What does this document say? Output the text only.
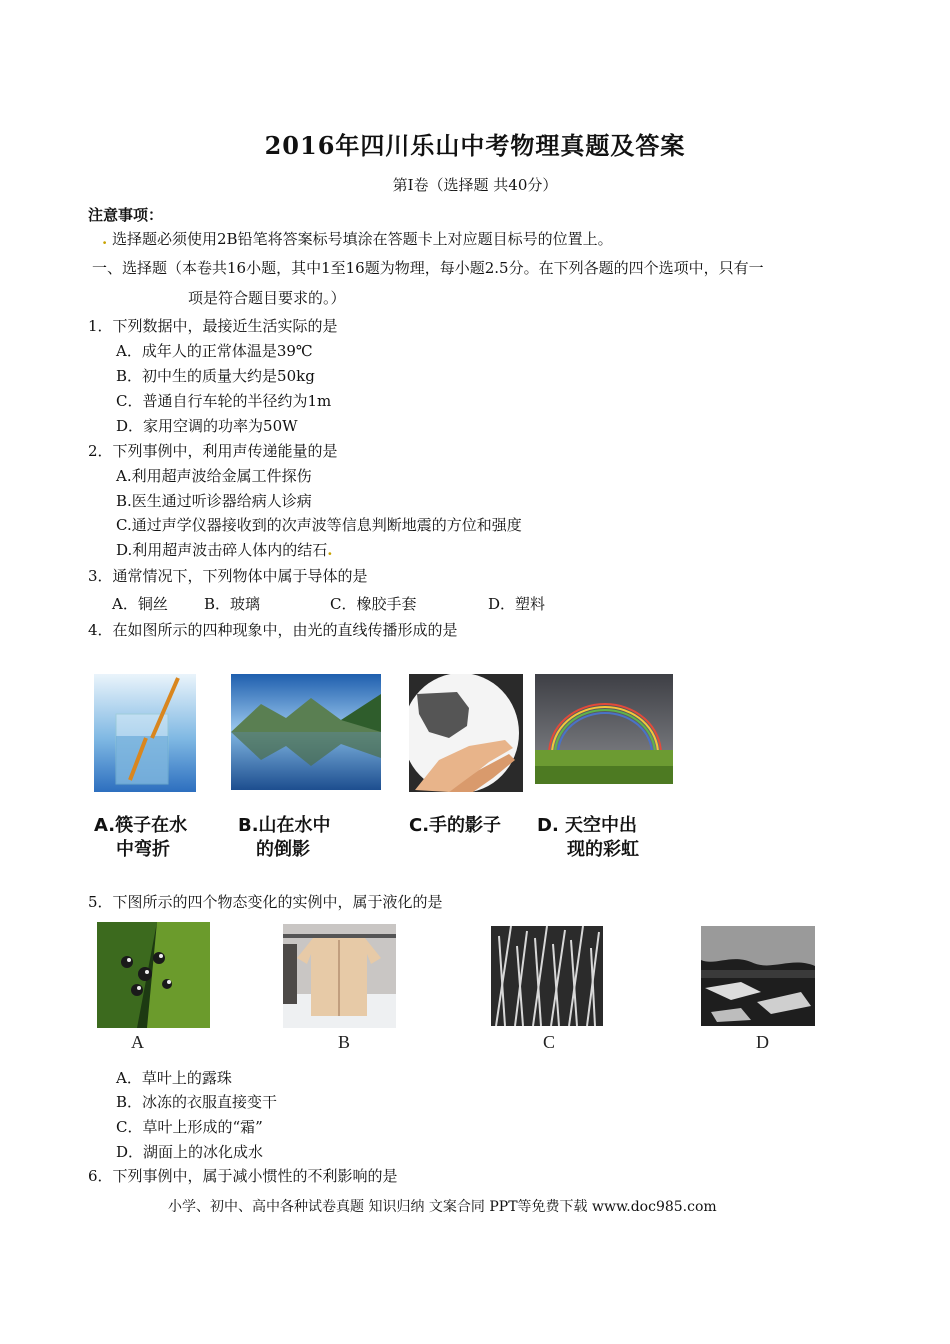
2016年四川乐山中考物理真题及答案
第Ⅰ卷（选择题 共40分）
注意事项：
. 选择题必须使用2B铅笔将答案标号填涂在答题卡上对应题目标号的位置上。
一、选择题（本卷共16小题，其中1至16题为物理，每小题2.5分。在下列各题的四个选项中，只有一
项是符合题目要求的。）
1．下列数据中，最接近生活实际的是
A．成年人的正常体温是39℃
B．初中生的质量大约是50kg
C．普通自行车轮的半径约为1m
D．家用空调的功率为50W
2．下列事例中，利用声传递能量的是
A.利用超声波给金属工件探伤
B.医生通过听诊器给病人诊病
C.通过声学仪器接收到的次声波等信息判断地震的方位和强度
D.利用超声波击碎人体内的结石.
3．通常情况下，下列物体中属于导体的是
A．铜丝 B．玻璃	C．橡胶手套	D．塑料
4．在如图所示的四种现象中，由光的直线传播形成的是
A.筷子在水
中弯折
B.山在水中
的倒影
C.手的影子 D. 天空中出
现的彩虹
5．下图所示的四个物态变化的实例中，属于液化的是
A	B	C	D
A．草叶上的露珠
B．冰冻的衣服直接变干
C．草叶上形成的“霜”
D．湖面上的冰化成水
6．下列事例中，属于减小惯性的不利影响的是
小学、初中、高中各种试卷真题 知识归纳 文案合同 PPT等免费下载 www.doc985.com
